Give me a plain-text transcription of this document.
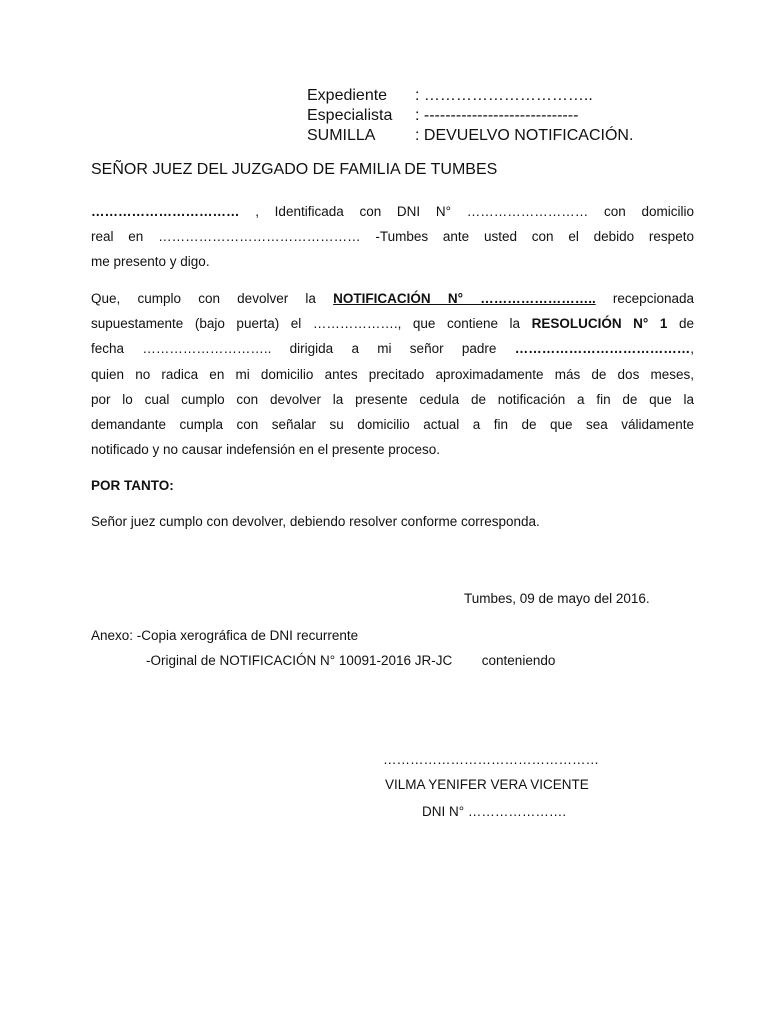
Expediente	: …………………………..
Especialista	: -----------------------------
SUMILLA	: DEVUELVO NOTIFICACIÓN.
SEÑOR JUEZ DEL JUZGADO DE FAMILIA DE TUMBES
…………………………… , Identificada con DNI N° ……………………… con domicilio
real en ……………………………………… -Tumbes ante usted con el debido respeto
me presento y digo.
Que, cumplo con devolver la NOTIFICACIÓN N° …………………….. recepcionada
supuestamente (bajo puerta) el ………………., que contiene la RESOLUCIÓN N° 1 de
fecha ……………………….. dirigida a mi señor padre …………………………………,
quien no radica en mi domicilio antes precitado aproximadamente más de dos meses,
por lo cual cumplo con devolver la presente cedula de notificación a fin de que la
demandante cumpla con señalar su domicilio actual a fin de que sea válidamente
notificado y no causar indefensión en el presente proceso.
POR TANTO:
Señor juez cumplo con devolver, debiendo resolver conforme corresponda.
Tumbes, 09 de mayo del 2016.
Anexo: -Copia xerográfica de DNI recurrente
-Original de NOTIFICACIÓN N° 10091-2016 JR-JC conteniendo
…………………………………………
VILMA YENIFER VERA VICENTE
DNI N° ………………….
